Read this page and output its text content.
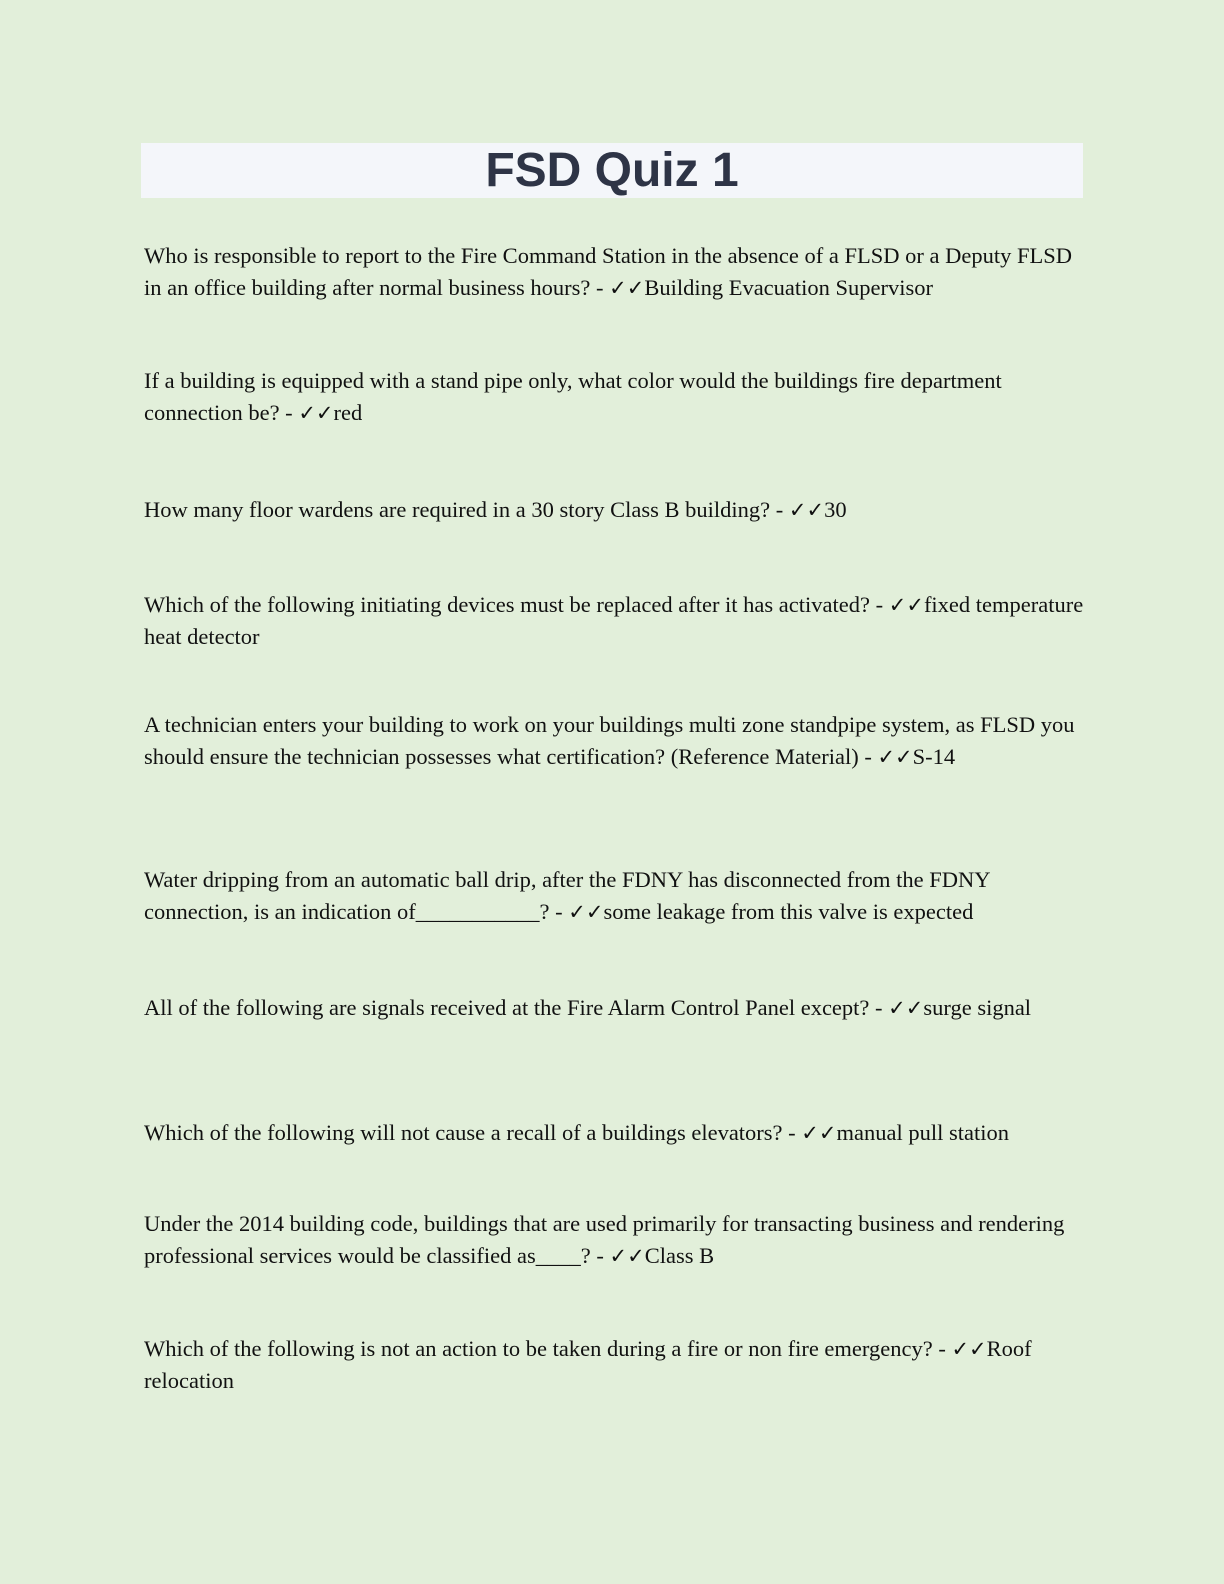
FSD Quiz 1

Who is responsible to report to the Fire Command Station in the absence of a FLSD or a Deputy FLSD in an office building after normal business hours? - ✓✓Building Evacuation Supervisor

If a building is equipped with a stand pipe only, what color would the buildings fire department connection be? - ✓✓red

How many floor wardens are required in a 30 story Class B building? - ✓✓30

Which of the following initiating devices must be replaced after it has activated? - ✓✓fixed temperature heat detector

A technician enters your building to work on your buildings multi zone standpipe system, as FLSD you should ensure the technician possesses what certification? (Reference Material) - ✓✓S-14

Water dripping from an automatic ball drip, after the FDNY has disconnected from the FDNY connection, is an indication of___________? - ✓✓some leakage from this valve is expected

All of the following are signals received at the Fire Alarm Control Panel except? - ✓✓surge signal

Which of the following will not cause a recall of a buildings elevators? - ✓✓manual pull station

Under the 2014 building code, buildings that are used primarily for transacting business and rendering professional services would be classified as____? - ✓✓Class B

Which of the following is not an action to be taken during a fire or non fire emergency? - ✓✓Roof relocation
